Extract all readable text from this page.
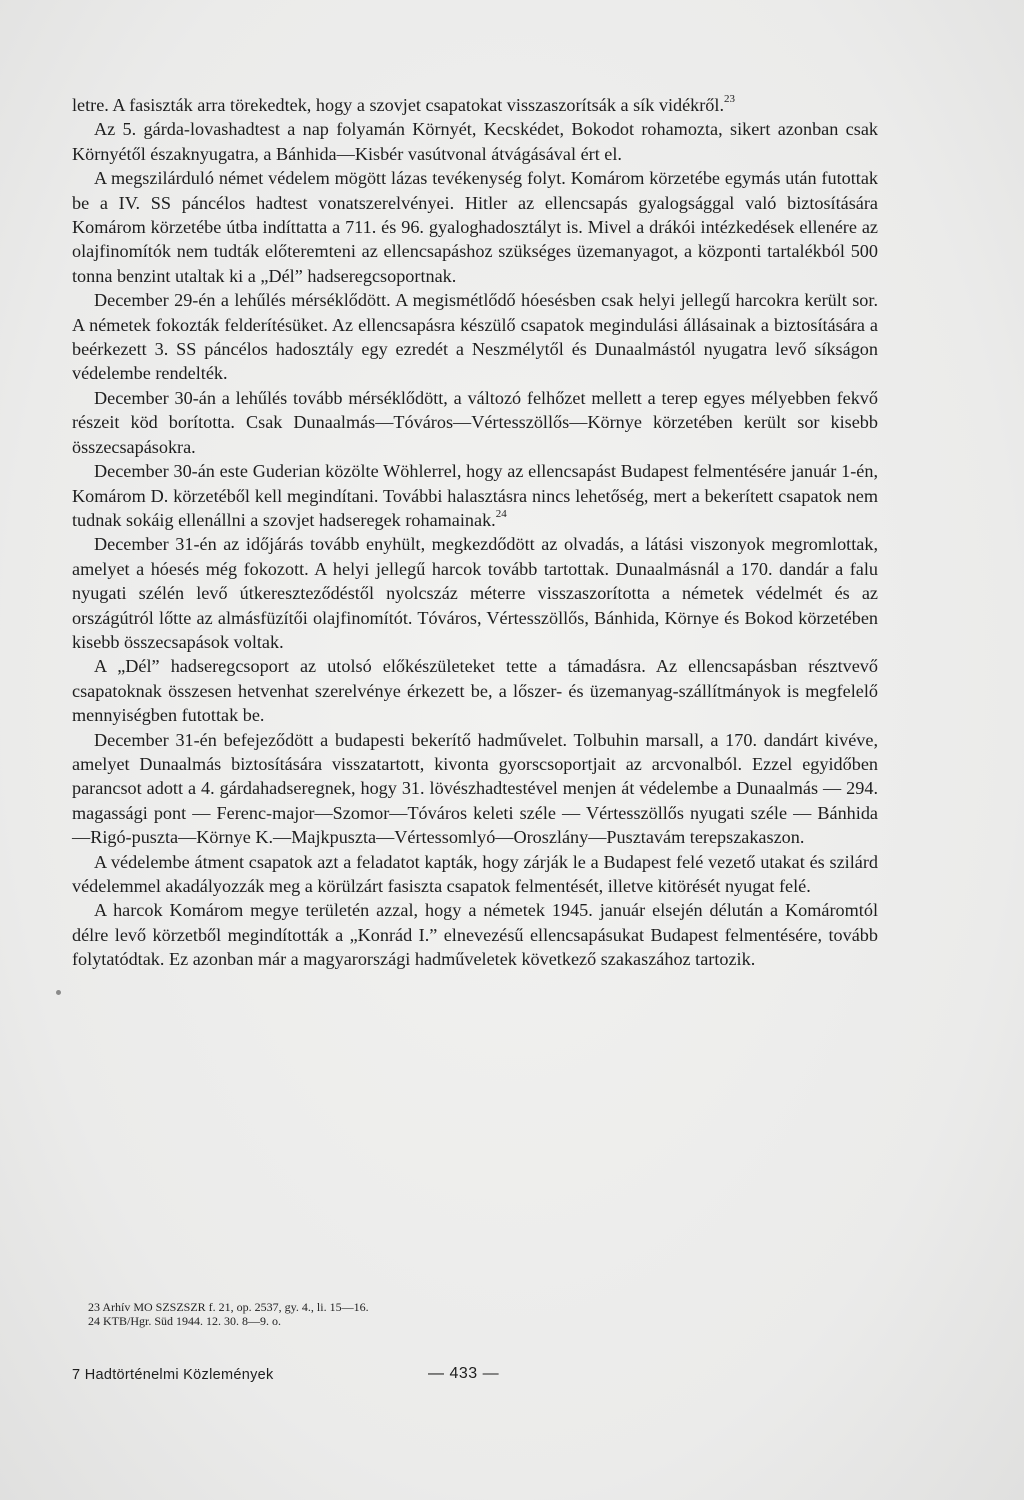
letre. A fasiszták arra törekedtek, hogy a szovjet csapatokat visszaszorítsák a sík vidékről.$^{23}$

Az 5. gárda-lovashadtest a nap folyamán Környét, Kecskédet, Bokodot rohamozta, sikert azonban csak Környétől északnyugatra, a Bánhida—Kisbér vasútvonal átvágásával ért el.

A megszilárduló német védelem mögött lázas tevékenység folyt. Komárom körzetébe egymás után futottak be a IV. SS páncélos hadtest vonatszerelvényei. Hitler az ellencsapás gyalogsággal való biztosítására Komárom körzetébe útba indíttatta a 711. és 96. gyaloghadosztályt is. Mivel a drákói intézkedések ellenére az olajfinomítók nem tudták előteremteni az ellencsapáshoz szükséges üzemanyagot, a központi tartalékból 500 tonna benzint utaltak ki a „Dél” hadseregcsoportnak.

December 29-én a lehűlés mérséklődött. A megismétlődő hóesésben csak helyi jellegű harcokra került sor. A németek fokozták felderítésüket. Az ellencsapásra készülő csapatok megindulási állásainak a biztosítására a beérkezett 3. SS páncélos hadosztály egy ezredét a Neszmélytől és Dunaalmástól nyugatra levő síkságon védelembe rendelték.

December 30-án a lehűlés tovább mérséklődött, a változó felhőzet mellett a terep egyes mélyebben fekvő részeit köd borította. Csak Dunaalmás—Tóváros—Vértesszöllős—Környe körzetében került sor kisebb összecsapásokra.

December 30-án este Guderian közölte Wöhlerrel, hogy az ellencsapást Budapest felmentésére január 1-én, Komárom D. körzetéből kell megindítani. További halasztásra nincs lehetőség, mert a bekerített csapatok nem tudnak sokáig ellenállni a szovjet hadseregek rohamainak.$^{24}$

December 31-én az időjárás tovább enyhült, megkezdődött az olvadás, a látási viszonyok megromlottak, amelyet a hóesés még fokozott. A helyi jellegű harcok tovább tartottak. Dunaalmásnál a 170. dandár a falu nyugati szélén levő útkereszteződéstől nyolcszáz méterre visszaszorította a németek védelmét és az országútról lőtte az almásfüzítői olajfinomítót. Tóváros, Vértesszöllős, Bánhida, Környe és Bokod körzetében kisebb összecsapások voltak.

A „Dél” hadseregcsoport az utolsó előkészületeket tette a támadásra. Az ellencsapásban résztvevő csapatoknak összesen hetvenhat szerelvénye érkezett be, a lőszer- és üzemanyag-szállítmányok is megfelelő mennyiségben futottak be.

December 31-én befejeződött a budapesti bekerítő hadművelet. Tolbuhin marsall, a 170. dandárt kivéve, amelyet Dunaalmás biztosítására visszatartott, kivonta gyorscsoportjait az arcvonalból. Ezzel egyidőben parancsot adott a 4. gárdahadseregnek, hogy 31. lövészhadtestével menjen át védelembe a Dunaalmás — 294. magassági pont — Ferenc-major—Szomor—Tóváros keleti széle — Vértesszöllős nyugati széle — Bánhida—Rigó-puszta—Környe K.—Majkpuszta—Vértessomlyó—Oroszlány—Pusztavám terepszakaszon.

A védelembe átment csapatok azt a feladatot kapták, hogy zárják le a Budapest felé vezető utakat és szilárd védelemmel akadályozzák meg a körülzárt fasiszta csapatok felmentését, illetve kitörését nyugat felé.

A harcok Komárom megye területén azzal, hogy a németek 1945. január elsején délután a Komáromtól délre levő körzetből megindították a „Konrád I.” elnevezésű ellencsapásukat Budapest felmentésére, tovább folytatódtak. Ez azonban már a magyarországi hadműveletek következő szakaszához tartozik.

23 Arhív MO SZSZSZR f. 21, op. 2537, gy. 4., li. 15—16.
24 KTB/Hgr. Süd 1944. 12. 30. 8—9. o.
7 Hadtörténelmi Közlemények	— 433 —
